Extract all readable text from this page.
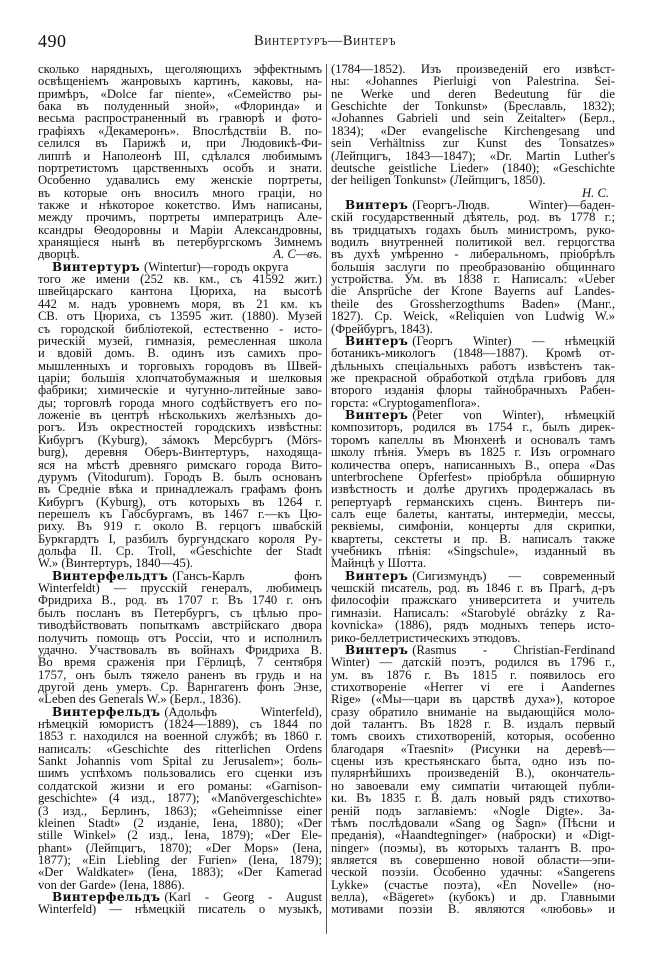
490	Винтертуръ—Винтеръ
сколько нарядныхъ, щеголяющихъ эффектнымъ
освѣщеніемъ жанровыхъ картинъ, каковы, на-
примѣръ, «Dolce far niente», «Семейство ры-
бака въ полуденный зной», «Флоринда» и
весьма распространенный въ гравюрѣ и фото-
графіяхъ «Декамеронъ». Впослѣдствіи В. по-
селился въ Парижѣ и, при Людовикѣ-Фи-
липпѣ и Наполеонѣ III, сдѣлался любимымъ
портретистомъ царственныхъ особъ и знати.
Особенно удавались ему женскіе портреты,
въ которые онъ вносилъ много граціи, но
также и нѣкоторое кокетство. Имъ написаны,
между прочимъ, портреты императрицъ Але-
ксандры Θеодоровны и Маріи Александровны,
хранящіеся нынѣ въ петербургскомъ Зимнемъ
А. С—въ.
дворцѣ.
Винтертуръ (Wintertur)—городъ округа
того же имени (252 кв. км., съ 41592 жит.)
швейцарскаго кантона Цюриха, на высотѣ
442 м. надъ уровнемъ моря, въ 21 км. къ
СВ. отъ Цюриха, съ 13595 жит. (1880). Музей
съ городской библіотекой, естественно - исто-
рическій музей, гимназія, ремесленная школа
и вдовій домъ. В. одинъ изъ самихъ про-
мышленныхъ и торговыхъ городовъ въ Швей-
царіи; большія хлопчатобумажныя и шелковыя
фабрики; химическіе и чугунно-литейные заво-
ды; торговлѣ города много содѣйствуетъ его по-
ложеніе въ центрѣ нѣсколькихъ желѣзныхъ до-
рогъ. Изъ окрестностей городскихъ извѣстны:
Кибургъ (Kyburg), зáмокъ Мерсбургъ (Mörs-
burg), деревня Оберъ-Винтертуръ, находяща-
яся на мѣстѣ древняго римскаго города Вито-
дурумъ (Vitodurum). Городъ В. былъ основанъ
въ Средніе вѣка и принадлежалъ графамъ фонъ
Кибургъ (Kyburg), отъ которыхъ въ 1264 г.
перешелъ къ Габсбургамъ, въ 1467 г.—къ Цю-
риху. Въ 919 г. около В. герцогъ швабскій
Буркгардтъ I, разбилъ бургундскаго короля Ру-
дольфа II. Ср. Troll, «Geschichte der Stadt
W.» (Винтертуръ, 1840—45).
Винтерфельдтъ (Гансъ-Карлъ фонъ
Winterfeldt) — прусскій генералъ, любимецъ
Фридриха В., род. въ 1707 г. Въ 1740 г. онъ
былъ посланъ въ Петербургъ, съ цѣлью про-
тиводѣйствовать попыткамъ австрійскаго двора
получить помощь отъ Россіи, что и исполнилъ
удачно. Участвовалъ въ войнахъ Фридриха В.
Во время сраженія при Гёрлицѣ, 7 сентября
1757, онъ былъ тяжело раненъ въ грудь и на
другой день умеръ. Ср. Варнгагенъ фонъ Энзе,
«Leben des Generals W.» (Берл., 1836).
Винтерфельдъ (Адольфъ Winterfeld),
нѣмецкій юмористъ (1824—1889), съ 1844 по
1853 г. находился на военной службѣ; въ 1860 г.
написалъ: «Geschichte des ritterlichen Ordens
Sankt Johannis vom Spital zu Jerusalem»; боль-
шимъ успѣхомъ пользовались его сценки изъ
солдатской жизни и его романы: «Garnison-
geschichte» (4 изд., 1877); «Manövergeschichte»
(3 изд., Берлинъ, 1863); «Geheimnisse einer
kleinen Stadt» (2 изданіе, Іена, 1880); «Der
stille Winkel» (2 изд., Іена, 1879); «Der Ele-
phant» (Лейпцигъ, 1870); «Der Mops» (Іена,
1877); «Ein Liebling der Furien» (Іена, 1879);
«Der Waldkater» (Іена, 1883); «Der Kamerad
von der Garde» (Іена, 1886).
Винтерфельдъ (Karl - Georg - August
Winterfeld) — нѣмецкій писатель о музыкѣ,
(1784—1852). Изъ произведеній его извѣст-
ны: «Johannes Pierluigi von Palestrina. Sei-
ne Werke und deren Bedeutung für die
Geschichte der Tonkunst» (Бреславль, 1832);
«Johannes Gabrieli und sein Zeitalter» (Берл.,
1834); «Der evangelische Kirchengesang und
sein Verhältniss zur Kunst des Tonsatzes»
(Лейпцигъ, 1843—1847); «Dr. Martin Luther's
deutsche geistliche Lieder» (1840); «Geschichte
der heiligen Tonkunst» (Лейпцигъ, 1850).
Н. С.
Винтеръ (Георгъ-Людв. Winter)—баден-
скій государственный дѣятель, род. въ 1778 г.;
въ тридцатыхъ годахъ былъ министромъ, руко-
водилъ внутренней политикой вел. герцогства
въ духѣ умѣренно - либеральномъ, пріобрѣлъ
большія заслуги по преобразованію общиннаго
устройства. Ум. въ 1838 г. Написалъ: «Ueber
die Ansprüche der Krone Bayerns auf Landes-
theile des Grossherzogthums Baden» (Манг.,
1827). Ср. Weick, «Reliquien von Ludwig W.»
(Фрейбургъ, 1843).
Винтеръ (Георгъ Winter) — нѣмецкій
ботаникъ-микологъ (1848—1887). Кромѣ от-
дѣльныхъ спеціальныхъ работъ извѣстенъ так-
же прекрасной обработкой отдѣла грибовъ для
второго изданія флоры тайнобрачныхъ Рабен-
горста: «Cryptogamenflora».
Винтеръ (Peter von Winter), нѣмецкій
композиторъ, родился въ 1754 г., былъ дирек-
торомъ капеллы въ Мюнхенѣ и основалъ тамъ
школу пѣнія. Умеръ въ 1825 г. Изъ огромнаго
количества оперъ, написанныхъ В., опера «Das
unterbrochene Opferfest» пріобрѣла обширную
извѣстность и долѣе другихъ продержалась въ
репертуарѣ германскихъ сценъ. Винтеръ пи-
салъ еще балеты, кантаты, интермедіи, мессы,
реквіемы, симфоніи, концерты для скрипки,
квартеты, секстеты и пр. В. написалъ также
учебникъ пѣнія: «Singschule», изданный въ
Майнцѣ у Шотта.
Винтеръ (Сигизмундъ) — современный
чешскій писатель, род. въ 1846 г. въ Прагѣ, д-ръ
философіи пражскаго университета и учитель
гимназіи. Написалъ: «Starobylé obrázky z Ra-
kovnicka» (1886), рядъ модныхъ теперь исто-
рико-беллетристическихъ этюдовъ.
Винтеръ (Rasmus - Christian-Ferdinand
Winter) — датскій поэтъ, родился въ 1796 г.,
ум. въ 1876 г. Въ 1815 г. появилось его
стихотвореніе «Herrer vi ere i Aandernes
Rige» («Мы—цари въ царствѣ духа»), которое
сразу обратило вниманіе на выдающійся моло-
дой талантъ. Въ 1828 г. В. издалъ первый
томъ своихъ стихотвореній, которыя, особенно
благодаря «Traesnit» (Рисунки на деревѣ—
сцены изъ крестьянскаго быта, одно изъ по-
пулярнѣйшихъ произведеній В.), окончатель-
но завоевали ему симпатіи читающей публи-
ки. Въ 1835 г. В. далъ новый рядъ стихотво-
реній подъ заглавіемъ: «Nogle Digte». За-
тѣмъ послѣдовали «Sang og Sagn» (Пѣсни и
преданія), «Haandtegninger» (наброски) и «Digt-
ninger» (поэмы), въ которыхъ талантъ В. про-
является въ совершенно новой области—эпи-
ческой поэзіи. Особенно удачны: «Sangerens
Lykke» (счастье поэта), «En Novelle» (но-
велла), «Bägeret» (кубокъ) и др. Главными
мотивами поэзіи В. являются «любовь» и
